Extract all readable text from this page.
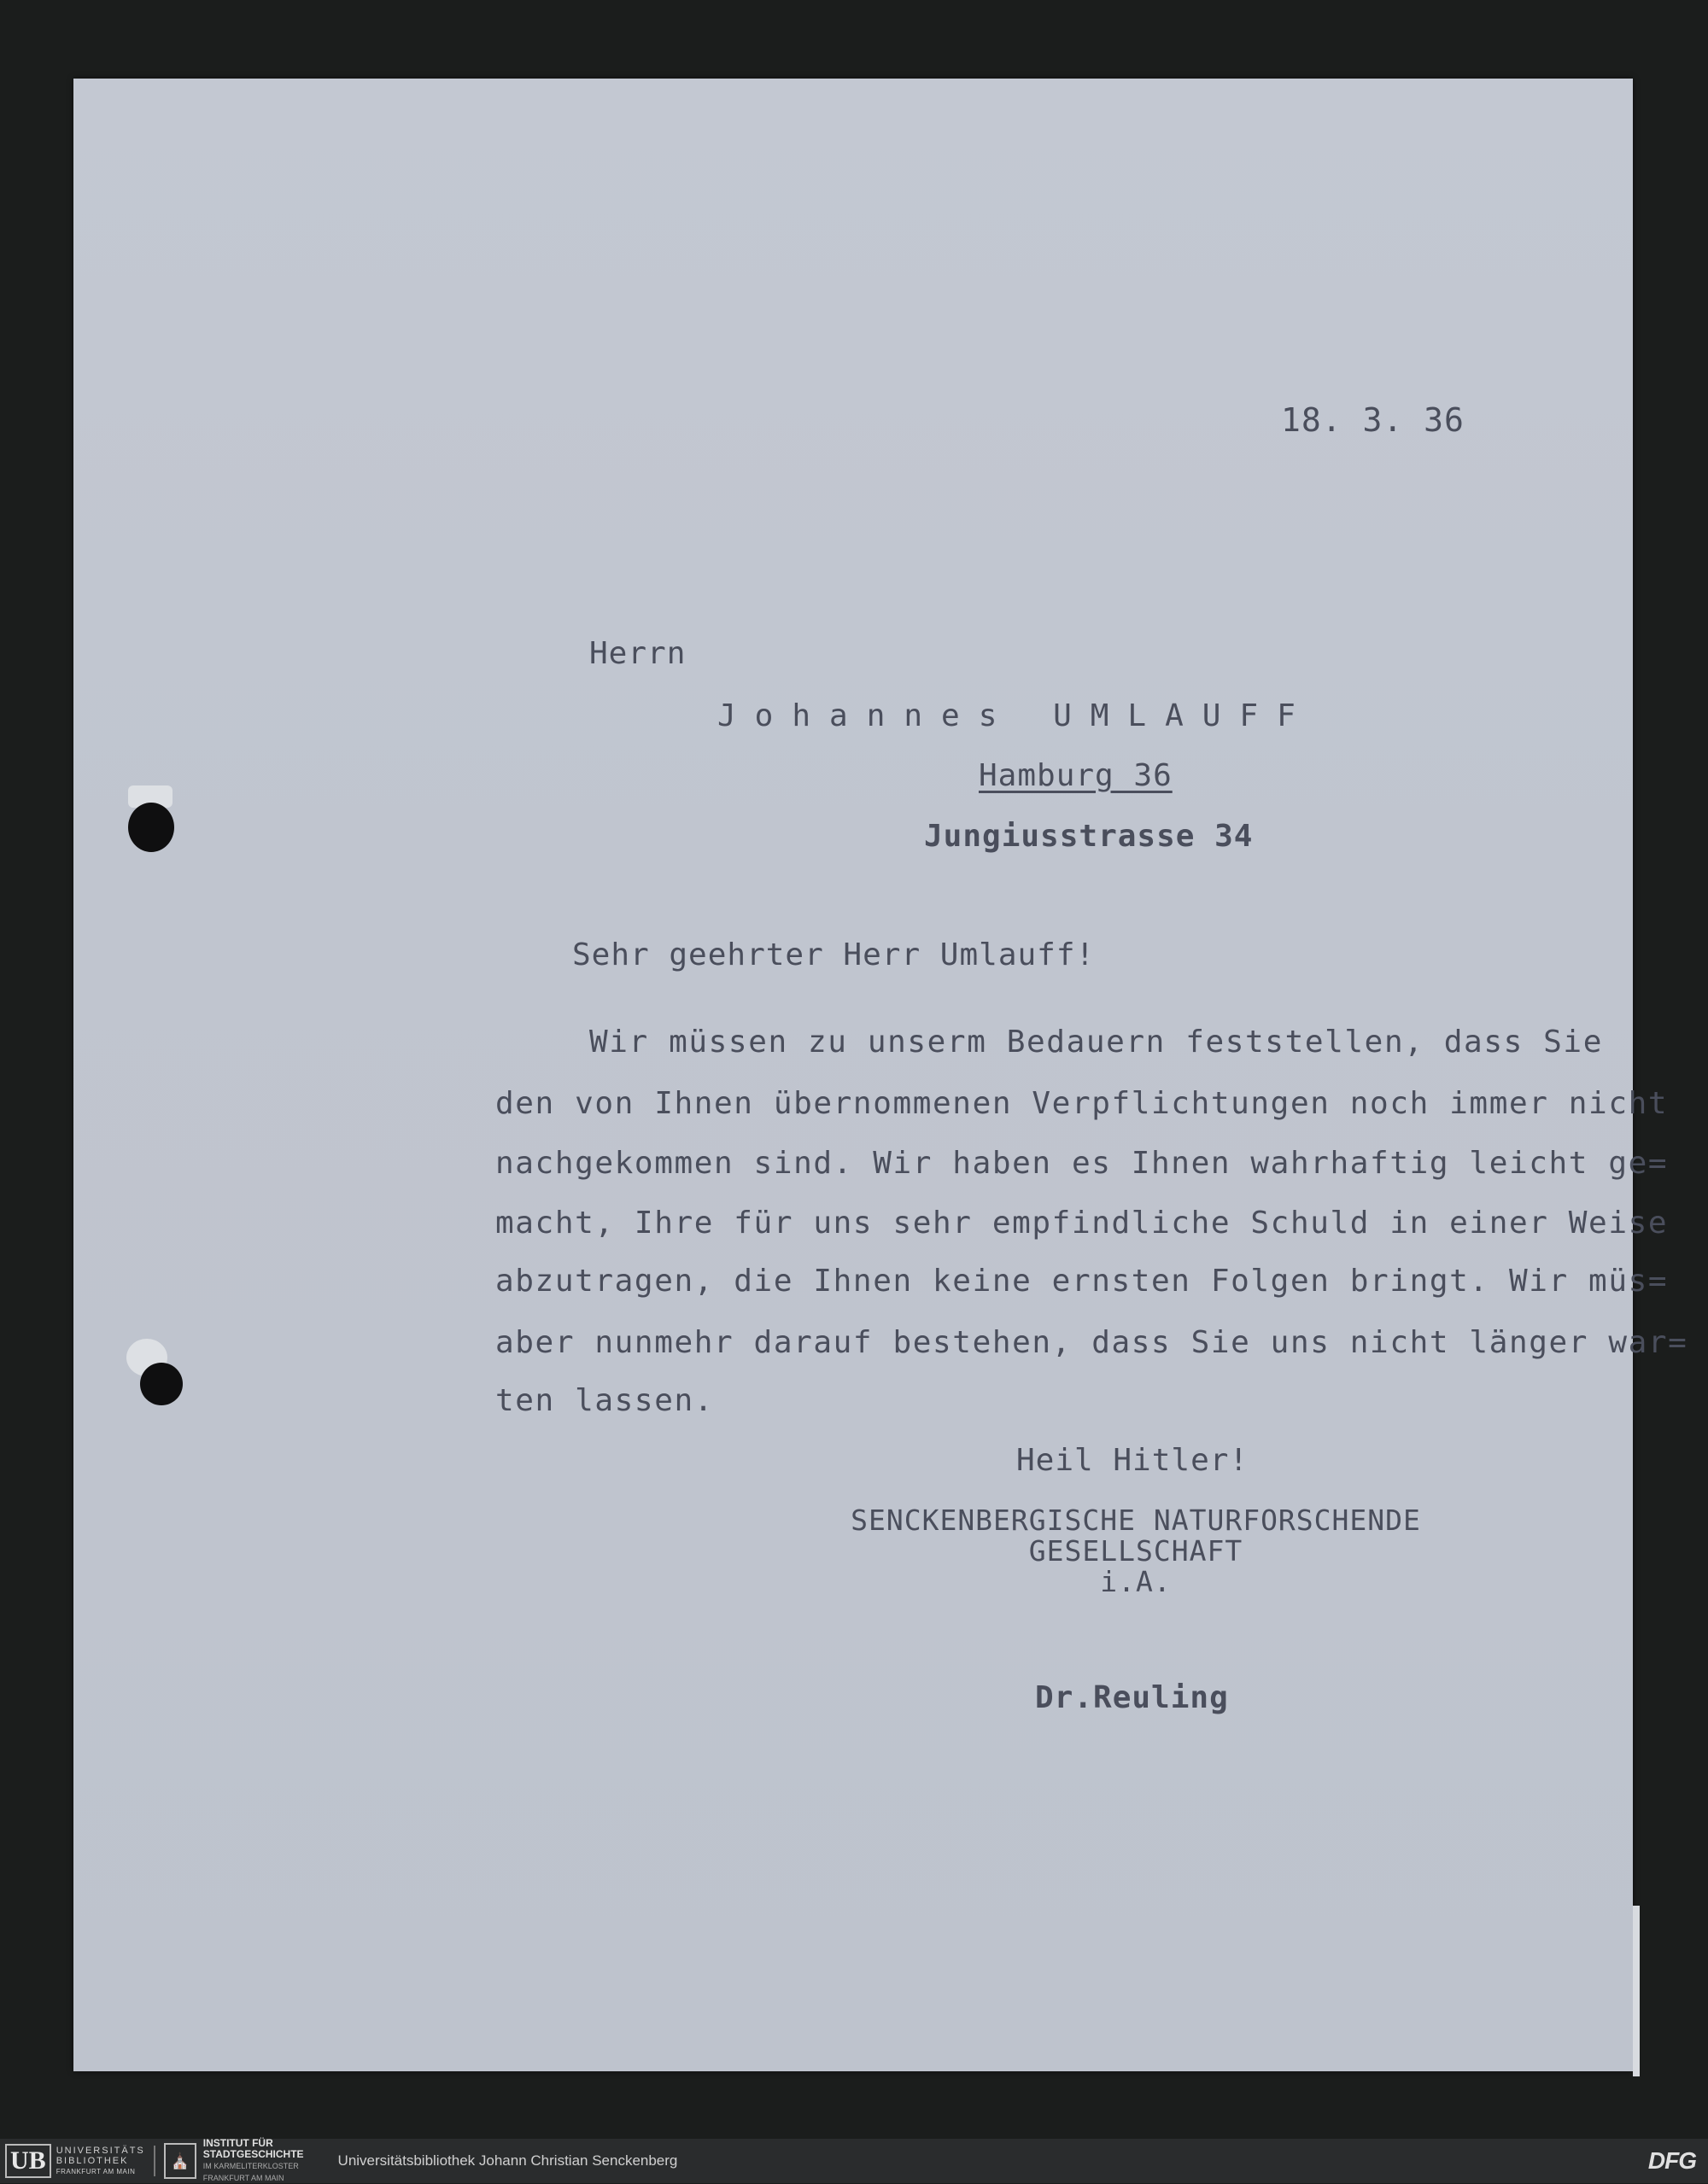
18. 3. 36
Herrn
Johannes UMLAUFF
Hamburg 36
Jungiusstrasse 34
Sehr geehrter Herr Umlauff!
Wir müssen zu unserm Bedauern feststellen, dass Sie
den von Ihnen übernommenen Verpflichtungen noch immer nicht
nachgekommen sind. Wir haben es Ihnen wahrhaftig leicht ge=
macht, Ihre für uns sehr empfindliche Schuld in einer Weise
abzutragen, die Ihnen keine ernsten Folgen bringt. Wir müs=
aber nunmehr darauf bestehen, dass Sie uns nicht länger war=
ten lassen.
Heil Hitler!
SENCKENBERGISCHE NATURFORSCHENDE
GESELLSCHAFT
i.A.
Dr.Reuling
UB	UNIVERSITÄTS
BIBLIOTHEK
FRANKFURT AM MAIN
⛪
INSTITUT FÜR
STADTGESCHICHTE
IM KARMELITERKLOSTER
FRANKFURT AM MAIN
Universitätsbibliothek Johann Christian Senckenberg	DFG
